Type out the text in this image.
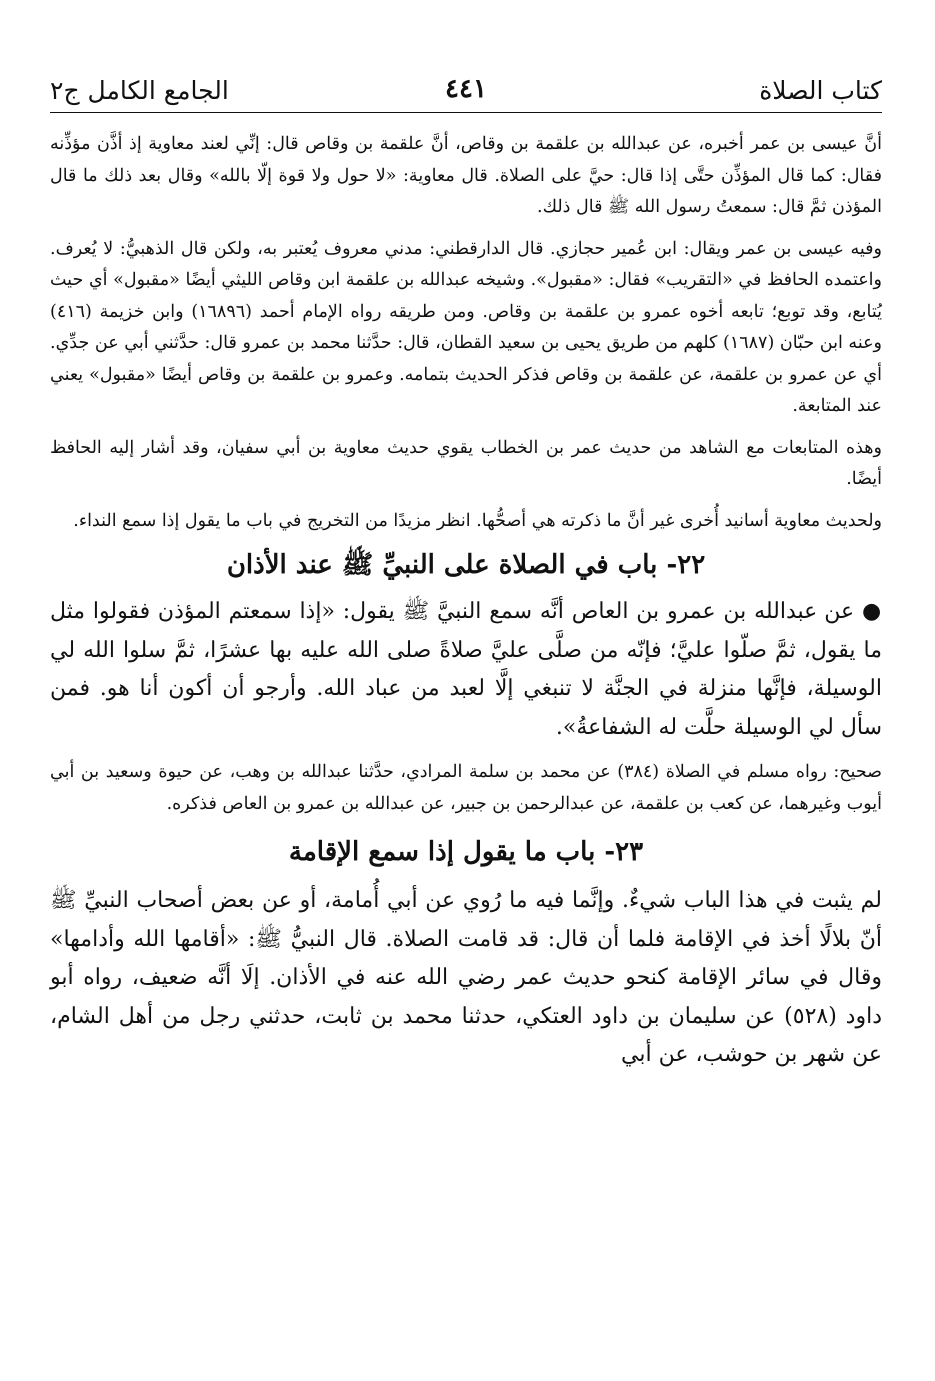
كتاب الصلاة
٤٤١
الجامع الكامل ج٢

أنَّ عيسى بن عمر أخبره، عن عبدالله بن علقمة بن وقاص، أنَّ علقمة بن وقاص قال: إنِّي لعند معاوية إذ أذَّن مؤذِّنه فقال: كما قال المؤذِّن حتَّى إذا قال: حيَّ على الصلاة. قال معاوية: «لا حول ولا قوة إلّا بالله» وقال بعد ذلك ما قال المؤذن ثمَّ قال: سمعتُ رسول الله ﷺ قال ذلك.

وفيه عيسى بن عمر ويقال: ابن عُمير حجازي. قال الدارقطني: مدني معروف يُعتبر به، ولكن قال الذهبيُّ: لا يُعرف. واعتمده الحافظ في «التقريب» فقال: «مقبول». وشيخه عبدالله بن علقمة ابن وقاص الليثي أيضًا «مقبول» أي حيث يُتابع، وقد توبع؛ تابعه أخوه عمرو بن علقمة بن وقاص. ومن طريقه رواه الإمام أحمد (١٦٨٩٦) وابن خزيمة (٤١٦) وعنه ابن حبّان (١٦٨٧) كلهم من طريق يحيى بن سعيد القطان، قال: حدَّثنا محمد بن عمرو قال: حدَّثني أبي عن جدِّي. أي عن عمرو بن علقمة، عن علقمة بن وقاص فذكر الحديث بتمامه. وعمرو بن علقمة بن وقاص أيضًا «مقبول» يعني عند المتابعة.

وهذه المتابعات مع الشاهد من حديث عمر بن الخطاب يقوي حديث معاوية بن أبي سفيان، وقد أشار إليه الحافظ أيضًا.

ولحديث معاوية أسانيد أُخرى غير أنَّ ما ذكرته هي أصحُّها. انظر مزيدًا من التخريج في باب ما يقول إذا سمع النداء.

٢٢- باب في الصلاة على النبيِّ ﷺ عند الأذان

● عن عبدالله بن عمرو بن العاص أنَّه سمع النبيَّ ﷺ يقول: «إذا سمعتم المؤذن فقولوا مثل ما يقول، ثمَّ صلّوا عليَّ؛ فإنّه من صلَّى عليَّ صلاةً صلى الله عليه بها عشرًا، ثمَّ سلوا الله لي الوسيلة، فإنَّها منزلة في الجنَّة لا تنبغي إلَّا لعبد من عباد الله. وأرجو أن أكون أنا هو. فمن سأل لي الوسيلة حلَّت له الشفاعةُ».

صحيح: رواه مسلم في الصلاة (٣٨٤) عن محمد بن سلمة المرادي، حدَّثنا عبدالله بن وهب، عن حيوة وسعيد بن أبي أيوب وغيرهما، عن كعب بن علقمة، عن عبدالرحمن بن جبير، عن عبدالله بن عمرو بن العاص فذكره.

٢٣- باب ما يقول إذا سمع الإقامة

لم يثبت في هذا الباب شيءٌ. وإنَّما فيه ما رُوي عن أبي أُمامة، أو عن بعض أصحاب النبيِّ ﷺ أنّ بلالًا أخذ في الإقامة فلما أن قال: قد قامت الصلاة. قال النبيُّ ﷺ: «أقامها الله وأدامها» وقال في سائر الإقامة كنحو حديث عمر رضي الله عنه في الأذان. إلَا أنَّه ضعيف، رواه أبو داود (٥٢٨) عن سليمان بن داود العتكي، حدثنا محمد بن ثابت، حدثني رجل من أهل الشام، عن شهر بن حوشب، عن أبي
